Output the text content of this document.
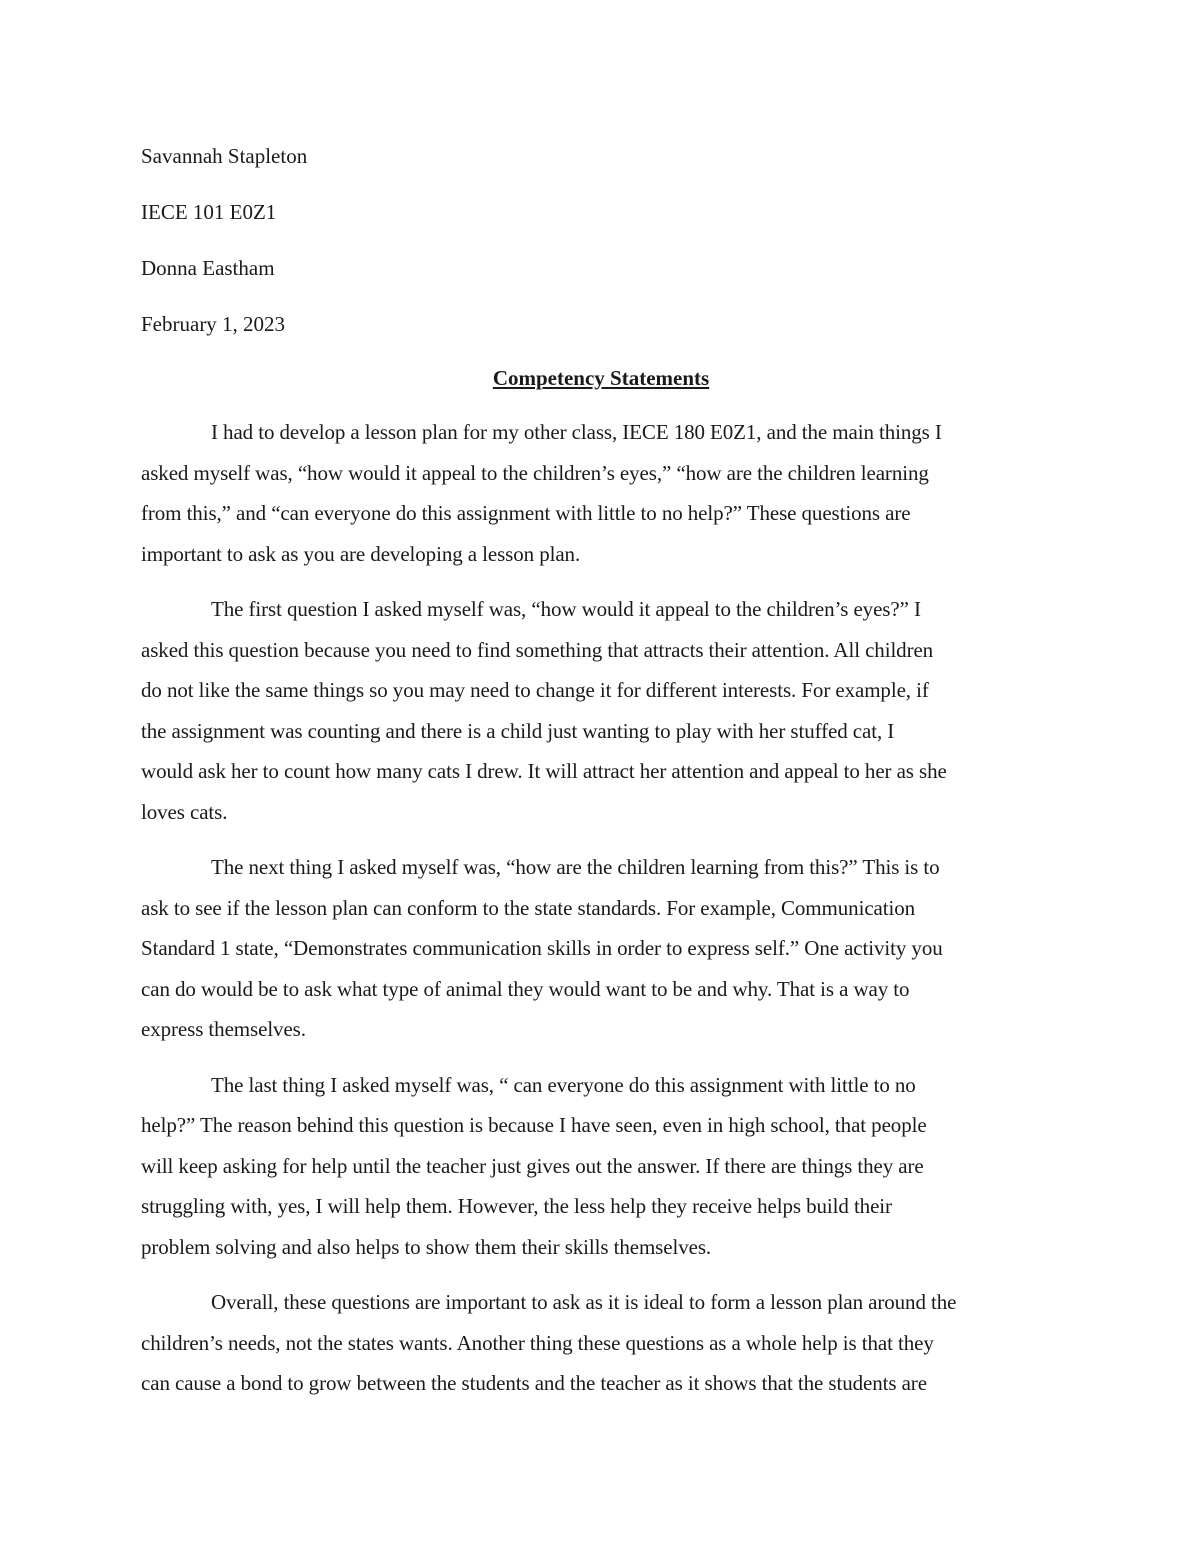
Savannah Stapleton
IECE 101 E0Z1
Donna Eastham
February 1, 2023
Competency Statements
I had to develop a lesson plan for my other class, IECE 180 E0Z1, and the main things I
asked myself was, “how would it appeal to the children’s eyes,” “how are the children learning
from this,” and “can everyone do this assignment with little to no help?” These questions are
important to ask as you are developing a lesson plan.
The first question I asked myself was, “how would it appeal to the children’s eyes?” I
asked this question because you need to find something that attracts their attention. All children
do not like the same things so you may need to change it for different interests. For example, if
the assignment was counting and there is a child just wanting to play with her stuffed cat, I
would ask her to count how many cats I drew. It will attract her attention and appeal to her as she
loves cats.
The next thing I asked myself was, “how are the children learning from this?” This is to
ask to see if the lesson plan can conform to the state standards. For example, Communication
Standard 1 state, “Demonstrates communication skills in order to express self.” One activity you
can do would be to ask what type of animal they would want to be and why. That is a way to
express themselves.
The last thing I asked myself was, “ can everyone do this assignment with little to no
help?” The reason behind this question is because I have seen, even in high school, that people
will keep asking for help until the teacher just gives out the answer. If there are things they are
struggling with, yes, I will help them. However, the less help they receive helps build their
problem solving and also helps to show them their skills themselves.
Overall, these questions are important to ask as it is ideal to form a lesson plan around the
children’s needs, not the states wants. Another thing these questions as a whole help is that they
can cause a bond to grow between the students and the teacher as it shows that the students are
